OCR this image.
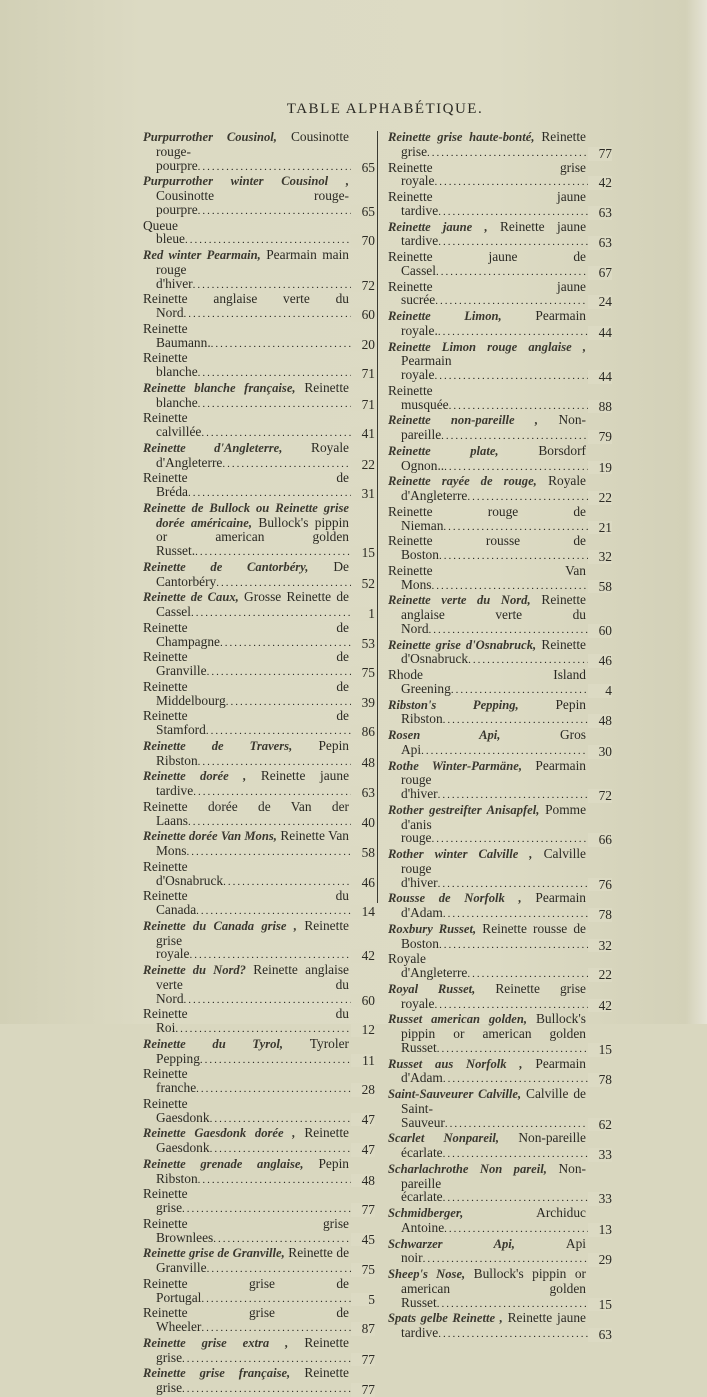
TABLE ALPHABÉTIQUE.
Purpurrother Cousinol, Cousinotte rouge-pourpre .....	65
Purpurrother winter Cousinol , Cousinotte rouge-pourpre .....	65
Queue bleue .....	70
Red winter Pearmain, Pearmain main rouge d'hiver .....	72
Reinette anglaise verte du Nord .....	60
Reinette Baumann. .....	20
Reinette blanche .....	71
Reinette blanche française, Reinette blanche .....	71
Reinette calvillée .....	41
Reinette d'Angleterre, Royale d'Angleterre .....	22
Reinette de Bréda .....	31
Reinette de Bullock ou Reinette grise dorée américaine, Bullock's pippin or american golden Russet. .....	15
Reinette de Cantorbéry, De Cantorbéry .....	52
Reinette de Caux, Grosse Reinette de Cassel .....	1
Reinette de Champagne .....	53
Reinette de Granville .....	75
Reinette de Middelbourg .....	39
Reinette de Stamford .....	86
Reinette de Travers, Pepin Ribston .....	48
Reinette dorée , Reinette jaune tardive .....	63
Reinette dorée de Van der Laans .....	40
Reinette dorée Van Mons, Reinette Van Mons .....	58
Reinette d'Osnabruck .....	46
Reinette du Canada .....	14
Reinette du Canada grise , Reinette grise royale .....	42
Reinette du Nord? Reinette anglaise verte du Nord .....	60
Reinette du Roi .....	12
Reinette du Tyrol, Tyroler Pepping .....	11
Reinette franche .....	28
Reinette Gaesdonk .....	47
Reinette Gaesdonk dorée , Reinette Gaesdonk .....	47
Reinette grenade anglaise, Pepin Ribston .....	48
Reinette grise .....	77
Reinette grise Brownlees .....	45
Reinette grise de Granville, Reinette de Granville .....	75
Reinette grise de Portugal .....	5
Reinette grise de Wheeler .....	87
Reinette grise extra , Reinette grise .....	77
Reinette grise française, Reinette grise .....	77
Reinette grise haute-bonté, Reinette grise .....	77
Reinette grise royale .....	42
Reinette jaune tardive .....	63
Reinette jaune , Reinette jaune tardive .....	63
Reinette jaune de Cassel .....	67
Reinette jaune sucrée .....	24
Reinette Limon, Pearmain royale. .....	44
Reinette Limon rouge anglaise , Pearmain royale .....	44
Reinette musquée .....	88
Reinette non-pareille , Non-pareille .....	79
Reinette plate, Borsdorf Ognon.. .....	19
Reinette rayée de rouge, Royale d'Angleterre .....	22
Reinette rouge de Nieman .....	21
Reinette rousse de Boston .....	32
Reinette Van Mons .....	58
Reinette verte du Nord, Reinette anglaise verte du Nord .....	60
Reinette grise d'Osnabruck, Reinette d'Osnabruck .....	46
Rhode Island Greening .....	4
Ribston's Pepping, Pepin Ribston .....	48
Rosen Api, Gros Api .....	30
Rothe Winter-Parmäne, Pearmain rouge d'hiver .....	72
Rother gestreifter Anisapfel, Pomme d'anis rouge .....	66
Rother winter Calville , Calville rouge d'hiver .....	76
Rousse de Norfolk , Pearmain d'Adam .....	78
Roxbury Russet, Reinette rousse de Boston .....	32
Royale d'Angleterre .....	22
Royal Russet, Reinette grise royale .....	42
Russet american golden, Bullock's pippin or american golden Russet .....	15
Russet aus Norfolk , Pearmain d'Adam .....	78
Saint-Sauveurer Calville, Calville de Saint-Sauveur .....	62
Scarlet Nonpareil, Non-pareille écarlate .....	33
Scharlachrothe Non pareil, Non-pareille écarlate .....	33
Schmidberger, Archiduc Antoine .....	13
Schwarzer Api, Api noir .....	29
Sheep's Nose, Bullock's pippin or american golden Russet .....	15
Spats gelbe Reinette , Reinette jaune tardive .....	63
